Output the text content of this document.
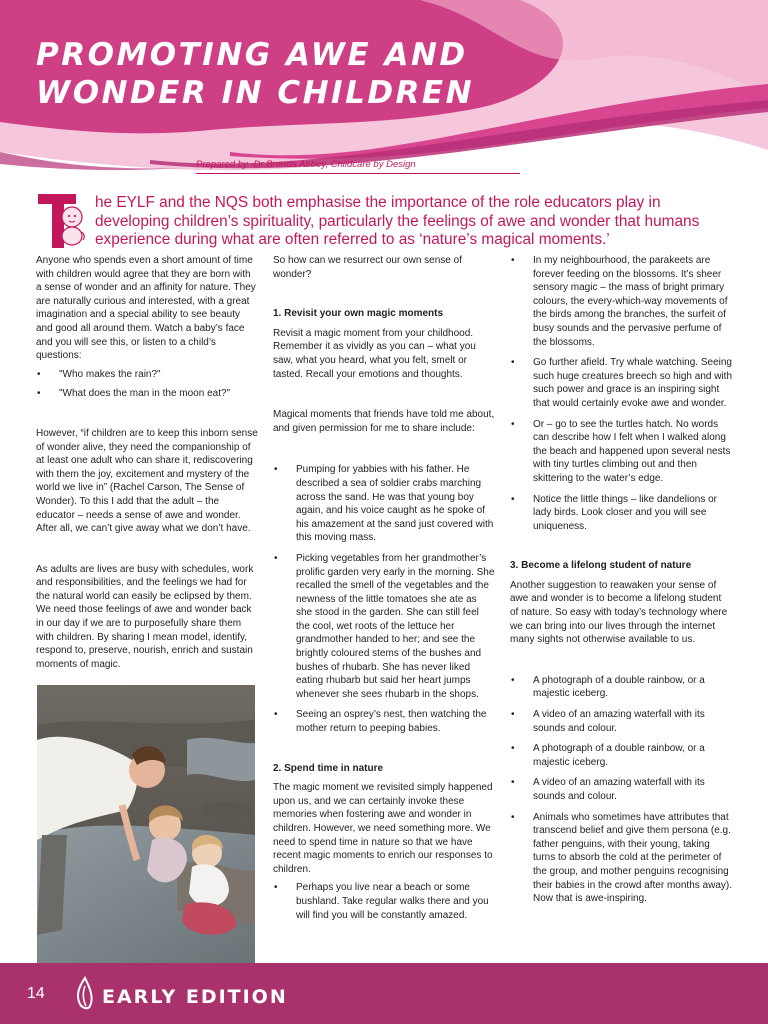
PROMOTING AWE AND
WONDER IN CHILDREN
Prepared by -Dr Brenda Abbey, Childcare by Design
he EYLF and the NQS both emphasise the importance of the role educators play in developing children’s spirituality, particularly the feelings of awe and wonder that humans experience during what are often referred to as ‘nature’s magical moments.’

Anyone who spends even a short amount of time with children would agree that they are born with a sense of wonder and an affinity for nature. They are naturally curious and interested, with a great imagination and a special ability to see beauty and good all around them. Watch a baby’s face and you will see this, or listen to a child’s questions:

• "Who makes the rain?"

• "What does the man in the moon eat?"

However, “if children are to keep this inborn sense of wonder alive, they need the companionship of at least one adult who can share it, rediscovering with them the joy, excitement and mystery of the world we live in” (Rachel Carson, The Sense of Wonder). To this I add that the adult – the educator – needs a sense of awe and wonder. After all, we can’t give away what we don’t have.

As adults are lives are busy with schedules, work and responsibilities, and the feelings we had for the natural world can easily be eclipsed by them. We need those feelings of awe and wonder back in our day if we are to purposefully share them with children. By sharing I mean model, identify, respond to, preserve, nourish, enrich and sustain moments of magic.

So how can we resurrect our own sense of wonder?

1. Revisit your own magic moments

Revisit a magic moment from your childhood. Remember it as vividly as you can – what you saw, what you heard, what you felt, smelt or tasted. Recall your emotions and thoughts.

Magical moments that friends have told me about, and given permission for me to share include:

• Pumping for yabbies with his father. He described a sea of soldier crabs marching across the sand. He was that young boy again, and his voice caught as he spoke of his amazement at the sand just covered with this moving mass.

• Picking vegetables from her grandmother’s prolific garden very early in the morning. She recalled the smell of the vegetables and the newness of the little tomatoes she ate as she stood in the garden. She can still feel the cool, wet roots of the lettuce her grandmother handed to her; and see the brightly coloured stems of the bushes and bushes of rhubarb. She has never liked eating rhubarb but said her heart jumps whenever she sees rhubarb in the shops.

• Seeing an osprey’s nest, then watching the mother return to peeping babies.

2. Spend time in nature

The magic moment we revisited simply happened upon us, and we can certainly invoke these memories when fostering awe and wonder in children. However, we need something more. We need to spend time in nature so that we have recent magic moments to enrich our responses to children.

• Perhaps you live near a beach or some bushland. Take regular walks there and you will find you will be constantly amazed.

• In my neighbourhood, the parakeets are forever feeding on the blossoms. It’s sheer sensory magic – the mass of bright primary colours, the every-which-way movements of the birds among the branches, the surfeit of busy sounds and the pervasive perfume of the blossoms.

• Go further afield. Try whale watching. Seeing such huge creatures breech so high and with such power and grace is an inspiring sight that would certainly evoke awe and wonder.

• Or – go to see the turtles hatch. No words can describe how I felt when I walked along the beach and happened upon several nests with tiny turtles climbing out and then skittering to the water’s edge.

• Notice the little things – like dandelions or lady birds. Look closer and you will see uniqueness.

3. Become a lifelong student of nature

Another suggestion to reawaken your sense of awe and wonder is to become a lifelong student of nature. So easy with today’s technology where we can bring into our lives through the internet many sights not otherwise available to us.

• A photograph of a double rainbow, or a majestic iceberg.

• A video of an amazing waterfall with its sounds and colour.

• A photograph of a double rainbow, or a majestic iceberg.

• A video of an amazing waterfall with its sounds and colour.

• Animals who sometimes have attributes that transcend belief and give them persona (e.g. father penguins, with their young, taking turns to absorb the cold at the perimeter of the group, and mother penguins recognising their babies in the crowd after months away). Now that is awe-inspiring.

14	EARLY EDITION
